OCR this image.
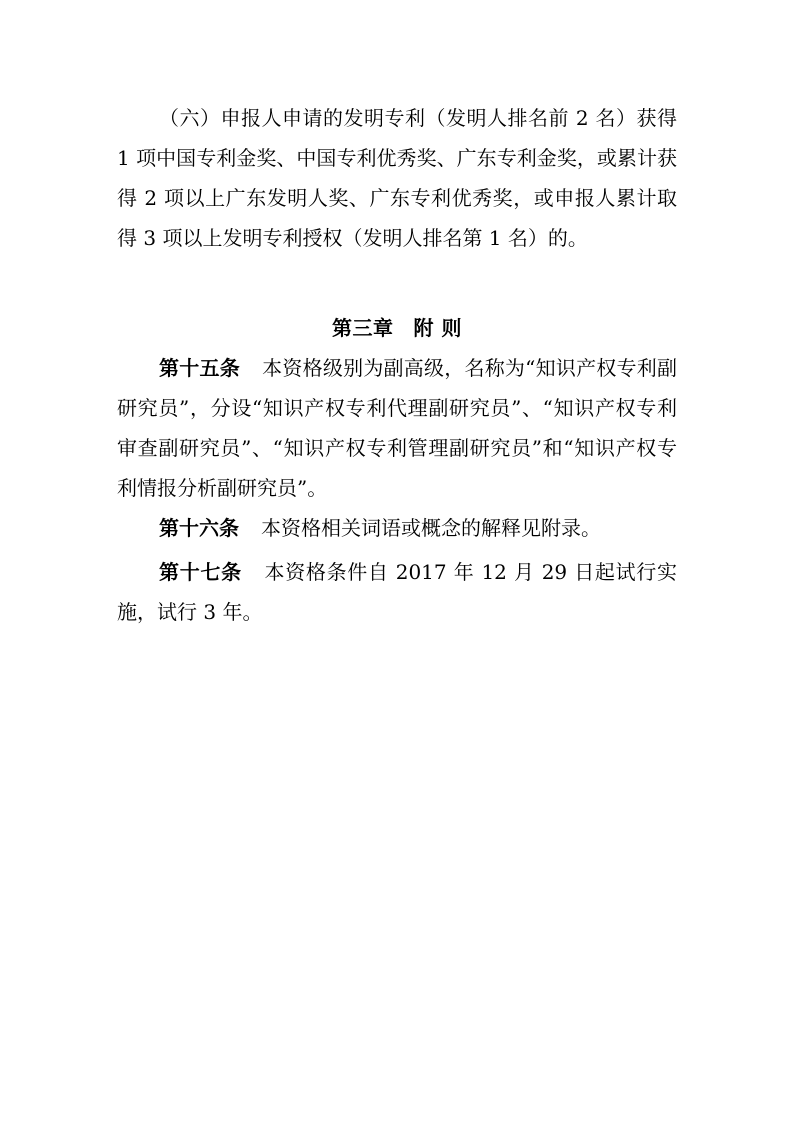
（六）申报人申请的发明专利（发明人排名前 2 名）获得 1 项中国专利金奖、中国专利优秀奖、广东专利金奖，或累计获得 2 项以上广东发明人奖、广东专利优秀奖，或申报人累计取得 3 项以上发明专利授权（发明人排名第 1 名）的。

第三章 附 则

第十五条 本资格级别为副高级，名称为“知识产权专利副研究员”，分设“知识产权专利代理副研究员”、“知识产权专利审查副研究员”、“知识产权专利管理副研究员”和“知识产权专利情报分析副研究员”。

第十六条 本资格相关词语或概念的解释见附录。

第十七条 本资格条件自 2017 年 12 月 29 日起试行实施，试行 3 年。
